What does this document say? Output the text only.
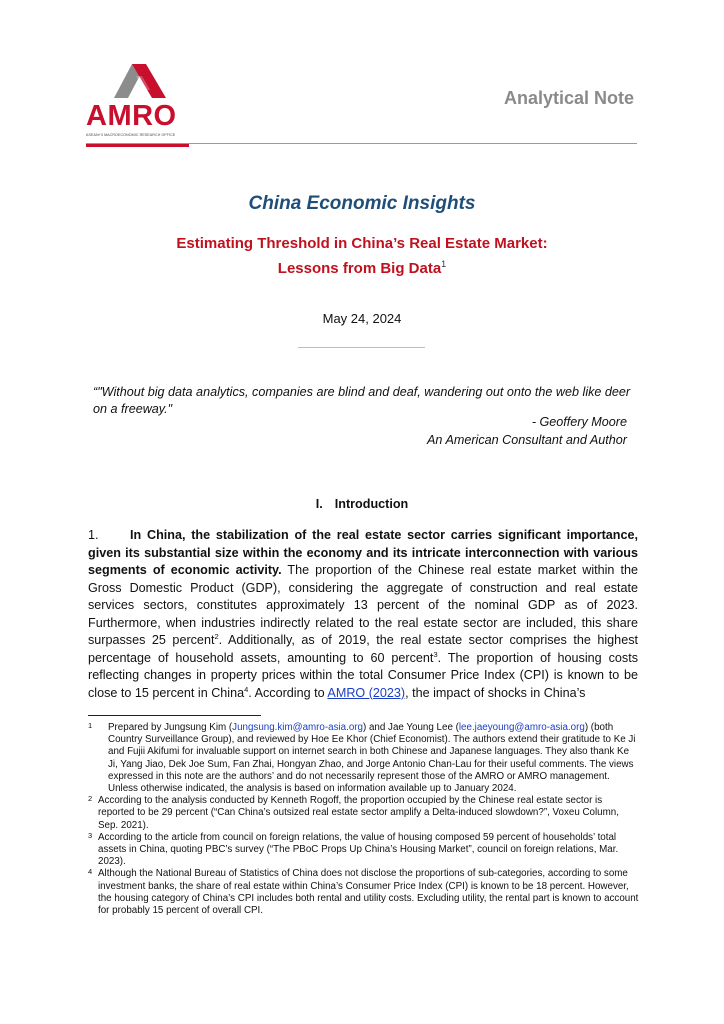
AMRO
ASEAN+3 MACROECONOMIC RESEARCH OFFICE
Analytical Note
China Economic Insights
Estimating Threshold in China’s Real Estate Market:
Lessons from Big Data$^1$
May 24, 2024
“"Without big data analytics, companies are blind and deaf, wandering out onto the web like deer on a freeway."
- Geoffery Moore
An American Consultant and Author
I. Introduction
1. In China, the stabilization of the real estate sector carries significant importance, given its substantial size within the economy and its intricate interconnection with various segments of economic activity. The proportion of the Chinese real estate market within the Gross Domestic Product (GDP), considering the aggregate of construction and real estate services sectors, constitutes approximately 13 percent of the nominal GDP as of 2023. Furthermore, when industries indirectly related to the real estate sector are included, this share surpasses 25 percent$^2$. Additionally, as of 2019, the real estate sector comprises the highest percentage of household assets, amounting to 60 percent$^3$. The proportion of housing costs reflecting changes in property prices within the total Consumer Price Index (CPI) is known to be close to 15 percent in China$^4$. According to AMRO (2023), the impact of shocks in China’s

1	Prepared by Jungsung Kim (Jungsung.kim@amro-asia.org) and Jae Young Lee (lee.jaeyoung@amro-asia.org) (both Country Surveillance Group), and reviewed by Hoe Ee Khor (Chief Economist). The authors extend their gratitude to Ke Ji and Fujii Akifumi for invaluable support on internet search in both Chinese and Japanese languages. They also thank Ke Ji, Yang Jiao, Dek Joe Sum, Fan Zhai, Hongyan Zhao, and Jorge Antonio Chan-Lau for their useful comments. The views expressed in this note are the authors’ and do not necessarily represent those of the AMRO or AMRO management. Unless otherwise indicated, the analysis is based on information available up to January 2024.

2 According to the analysis conducted by Kenneth Rogoff, the proportion occupied by the Chinese real estate sector is reported to be 29 percent (“Can China’s outsized real estate sector amplify a Delta-induced slowdown?”, Voxeu Column, Sep. 2021).

3 According to the article from council on foreign relations, the value of housing composed 59 percent of households’ total assets in China, quoting PBC’s survey (“The PBoC Props Up China’s Housing Market”, council on foreign relations, Mar. 2023).

4 Although the National Bureau of Statistics of China does not disclose the proportions of sub-categories, according to some investment banks, the share of real estate within China’s Consumer Price Index (CPI) is known to be 18 percent. However, the housing category of China’s CPI includes both rental and utility costs. Excluding utility, the rental part is known to account for probably 15 percent of overall CPI.
